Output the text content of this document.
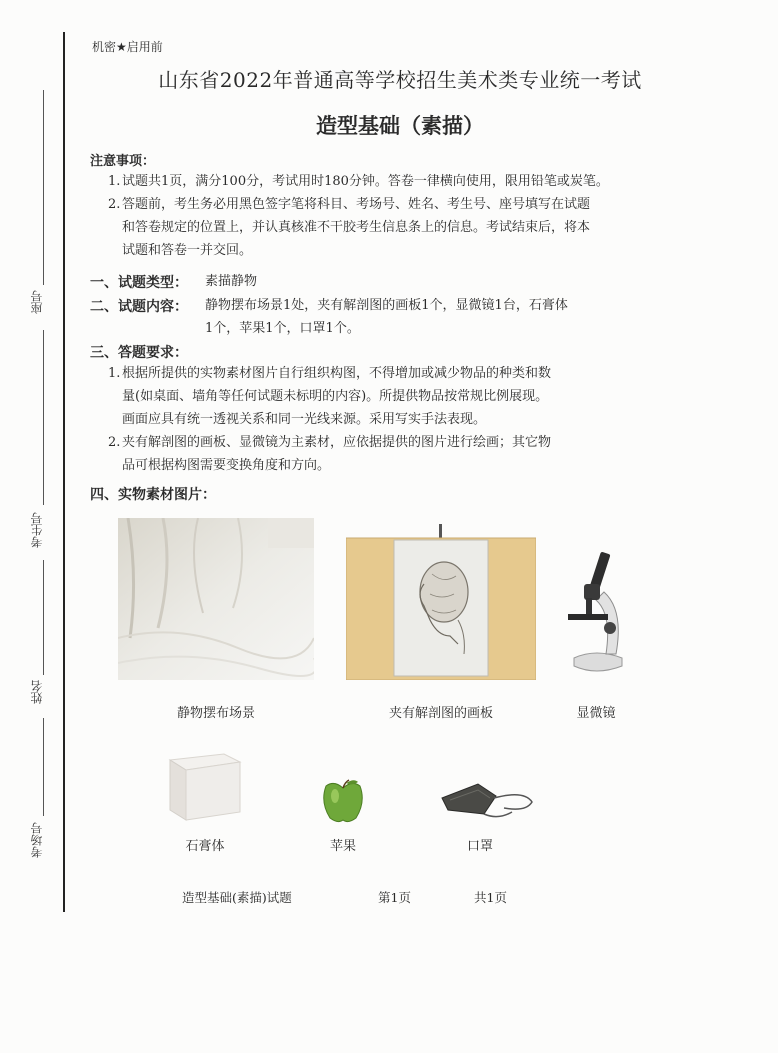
座号
考生号
姓名
考场号
机密★启用前
山东省2022年普通高等学校招生美术类专业统一考试
造型基础（素描）
注意事项：
1. 试题共1页，满分100分，考试用时180分钟。答卷一律横向使用，限用铅笔或炭笔。
2. 答题前，考生务必用黑色签字笔将科目、考场号、姓名、考生号、座号填写在试题
和答卷规定的位置上，并认真核准不干胶考生信息条上的信息。考试结束后，将本
试题和答卷一并交回。
一、试题类型： 素描静物
二、试题内容： 静物摆布场景1处，夹有解剖图的画板1个，显微镜1台，石膏体
1个，苹果1个，口罩1个。
三、答题要求：
1. 根据所提供的实物素材图片自行组织构图，不得增加或减少物品的种类和数
量(如桌面、墙角等任何试题未标明的内容)。所提供物品按常规比例展现。
画面应具有统一透视关系和同一光线来源。采用写实手法表现。
2. 夹有解剖图的画板、显微镜为主素材，应依据提供的图片进行绘画；其它物
品可根据构图需要变换角度和方向。
四、实物素材图片：
静物摆布场景	夹有解剖图的画板	显微镜
石膏体	苹果	口罩
造型基础(素描)试题	第1页	共1页
